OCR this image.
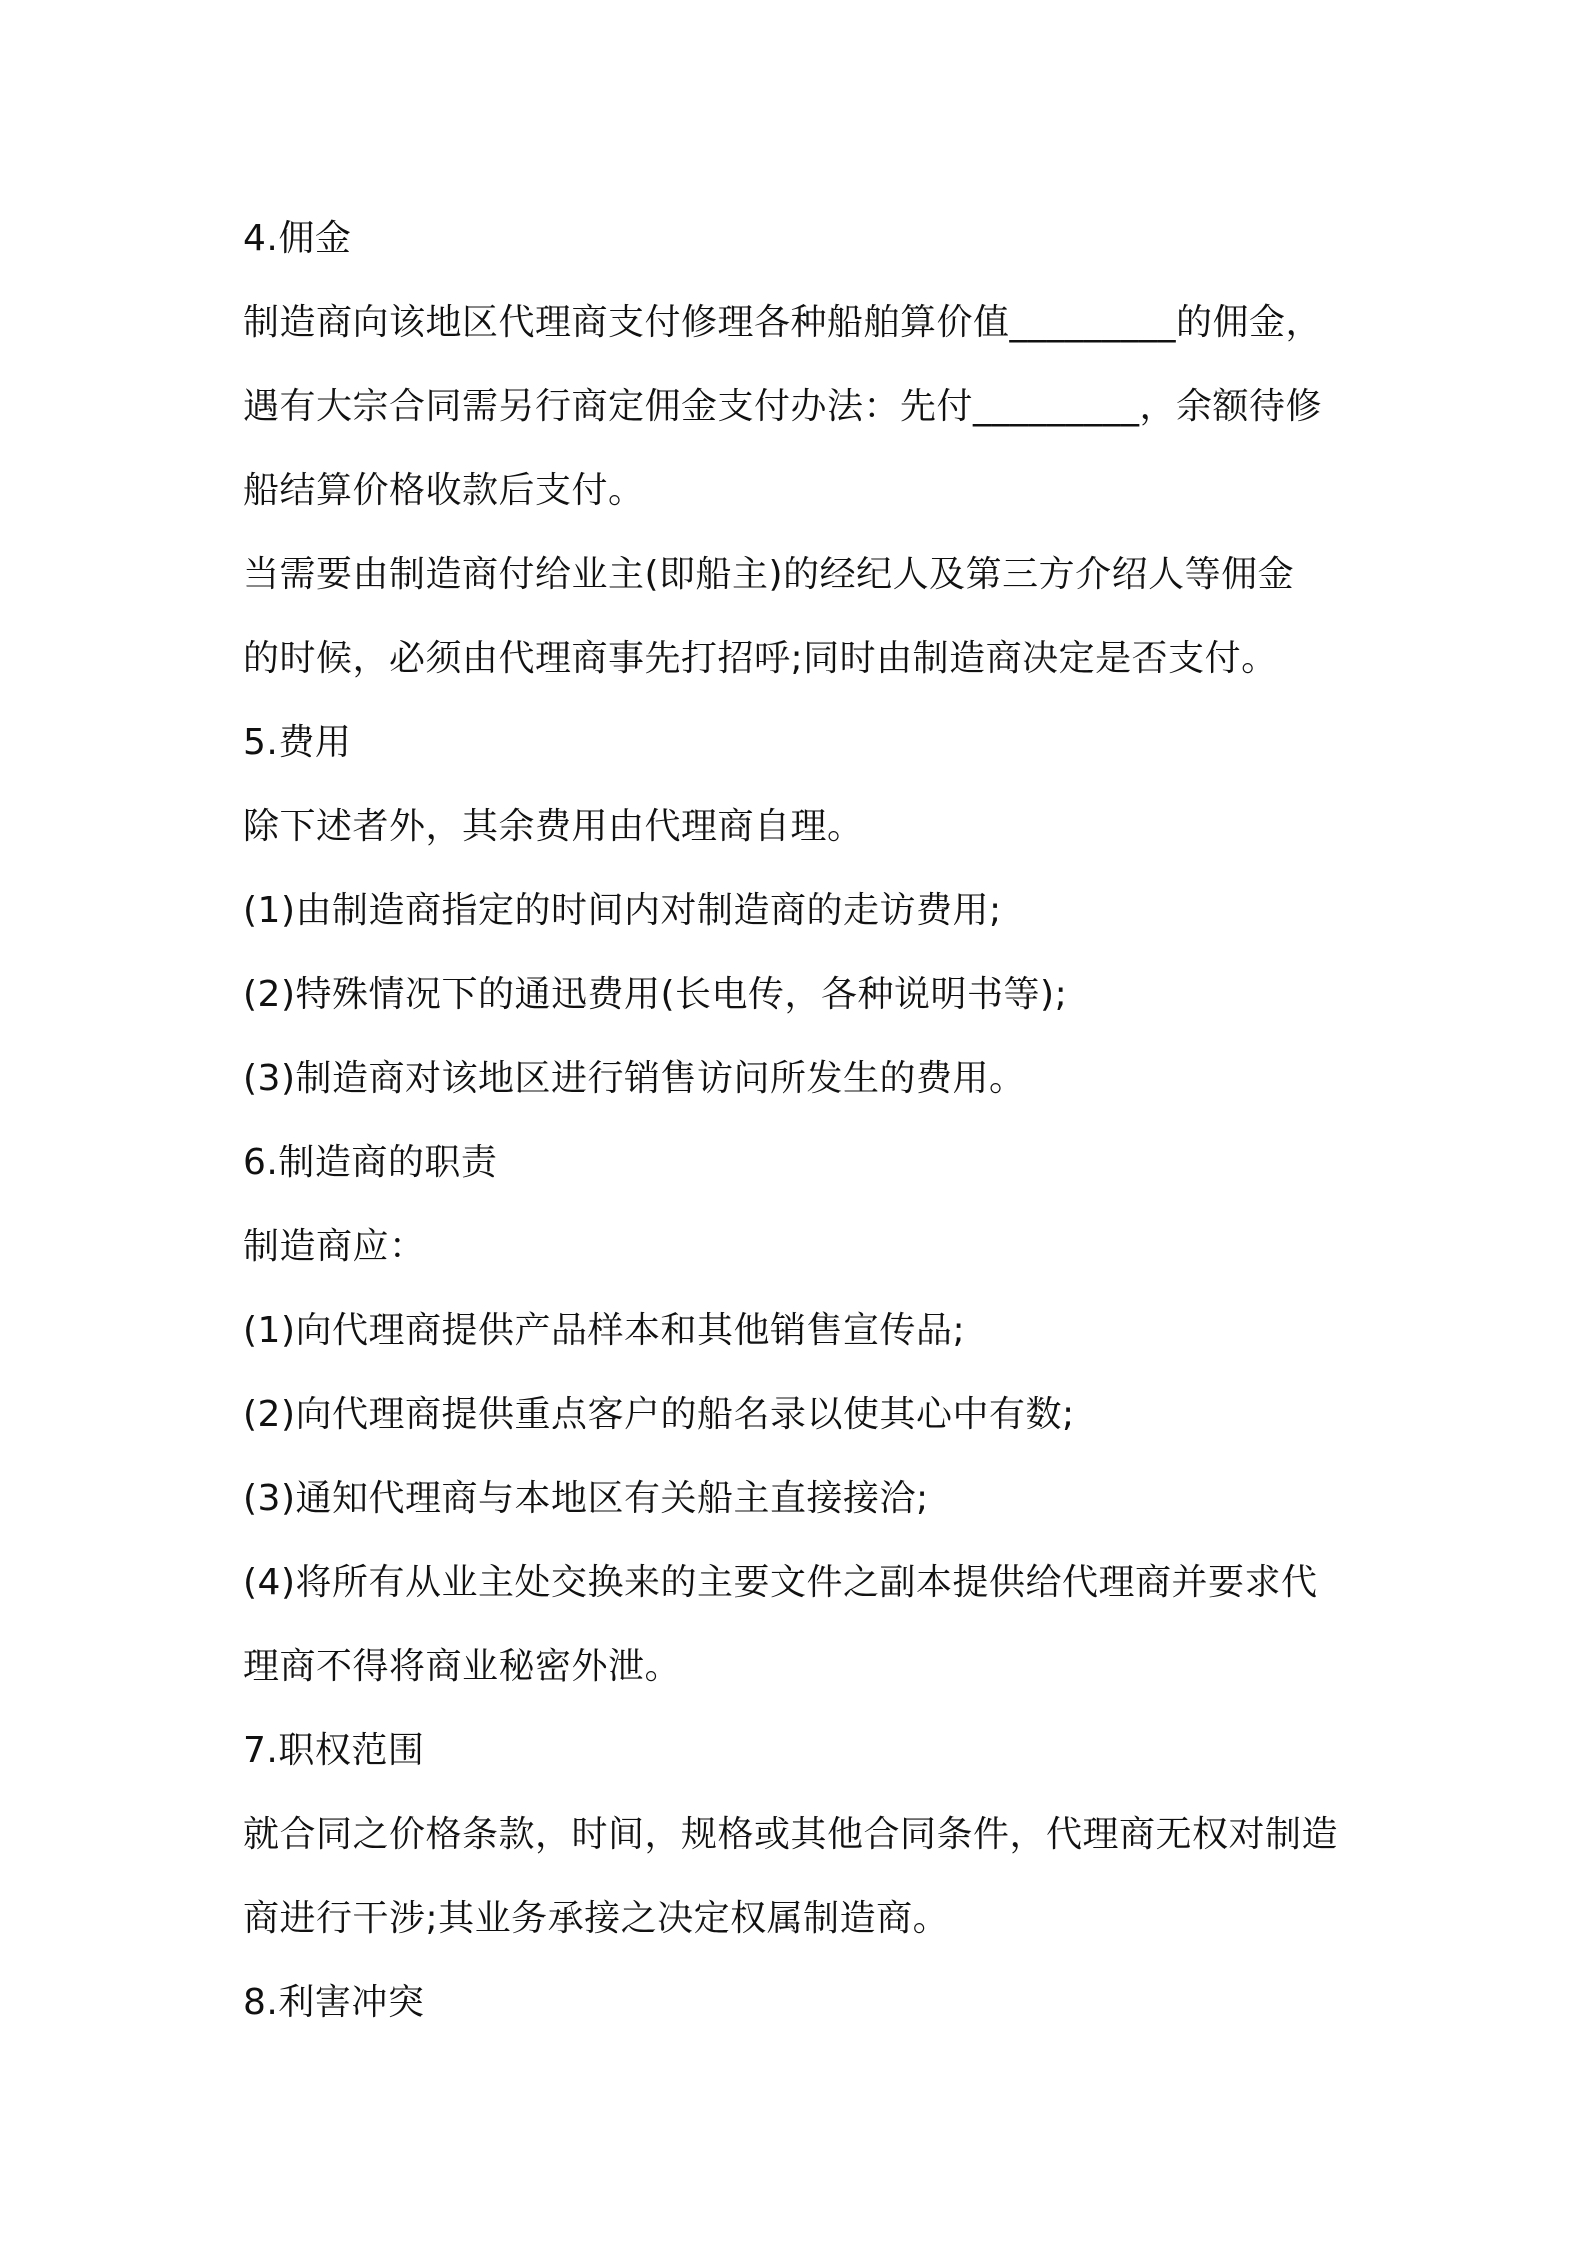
4.佣金
制造商向该地区代理商支付修理各种船舶算价值_________的佣金，
遇有大宗合同需另行商定佣金支付办法：先付_________，余额待修
船结算价格收款后支付。
当需要由制造商付给业主(即船主)的经纪人及第三方介绍人等佣金
的时候，必须由代理商事先打招呼;同时由制造商决定是否支付。
5.费用
除下述者外，其余费用由代理商自理。
(1)由制造商指定的时间内对制造商的走访费用;
(2)特殊情况下的通迅费用(长电传，各种说明书等);
(3)制造商对该地区进行销售访问所发生的费用。
6.制造商的职责
制造商应：
(1)向代理商提供产品样本和其他销售宣传品;
(2)向代理商提供重点客户的船名录以使其心中有数;
(3)通知代理商与本地区有关船主直接接洽;
(4)将所有从业主处交换来的主要文件之副本提供给代理商并要求代
理商不得将商业秘密外泄。
7.职权范围
就合同之价格条款，时间，规格或其他合同条件，代理商无权对制造
商进行干涉;其业务承接之决定权属制造商。
8.利害冲突
